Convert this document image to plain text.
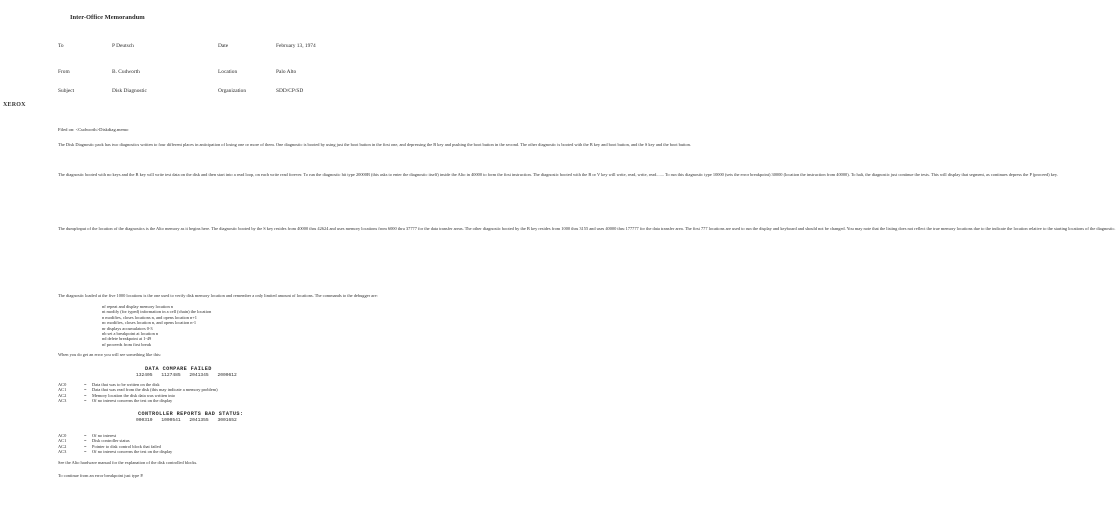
Inter-Office Memorandum
To	P Deutsch	Date	February 13, 1974
From	B. Cudworth	Location	Palo Alto
Subject	Disk Diagnostic	Organization	SDD/CP/SD
XEROX
Filed on: <Cudworth>Diskdiag.memo

The Disk Diagnostic pack has two diagnostics written to four different places in anticipation of losing one or more of them. One diagnostic is booted by using just the boot button in the first one, and depressing the B key and pushing the boot button in the second. The other diagnostic is booted with the B key and boot button, and the S key and the boot button.

The diagnostic booted with no keys and the B key will write test data on the disk and then start into a read loop, on each write read forever. To run the diagnostic hit type 20000B (this asks to enter the diagnostic itself) inside the Alto in 40000 to form the first instruction. The diagnostic booted with the B or V key will write, read, write, read....... To run this diagnostic type 10000 (sets the error breakpoint) 30000 (location the instruction from 40000). To halt, the diagnostic just continue the tests. This will display that segment, as continues depress the P (proceed) key.

The dump/input of the location of the diagnostics is the Alto memory as it begins here. The diagnostic booted by the S key resides from 40000 thru 42624 and uses memory locations from 6000 thru 37777 for the data transfer areas. The other diagnostic booted by the B key resides from 1000 thru 3155 and uses 40000 thru 177777 for the data transfer area. The first 777 locations are used to run the display and keyboard and should not be changed. You may note that the listing does not reflect the true memory locations due to the indicate the location relative to the starting locations of the diagnostic.

The diagnostic loaded at the five 1000 locations is the one used to verify disk memory location and remember a only limited amount of locations. The commands to the debugger are:

nf repeat and display memory location n
nt modify (for typed) information in a cell (chain) the location
n modifies, closes locations n, and opens location n+1
nc modifies, closes location n, and opens location n-1
nr displays accumulators 0-3
nb set a breakpoint at location n
nd delete breakpoint at 1-49
nf proceeds from first break

When you do get an error you will see something like this:

DATA COMPARE FAILED
132405 1127485 2041345 2000612
AC0	=	Data that was to be written on the disk
AC1	=	Data that was read from the disk (this may indicate a memory problem)
AC2	=	Memory location the disk data was written into
AC3	=	Of no interest concerns the test on the display
CONTROLLER REPORTS BAD STATUS:
000310 1000541 2041355 3001652
AC0	=	Of no interest
AC1	=	Disk controller status
AC2	=	Pointer to disk control block that failed
AC3	=	Of no interest concerns the test on the display

See the Alto hardware manual for the explanation of the disk controlled blocks.

To continue from an error breakpoint just type P.
